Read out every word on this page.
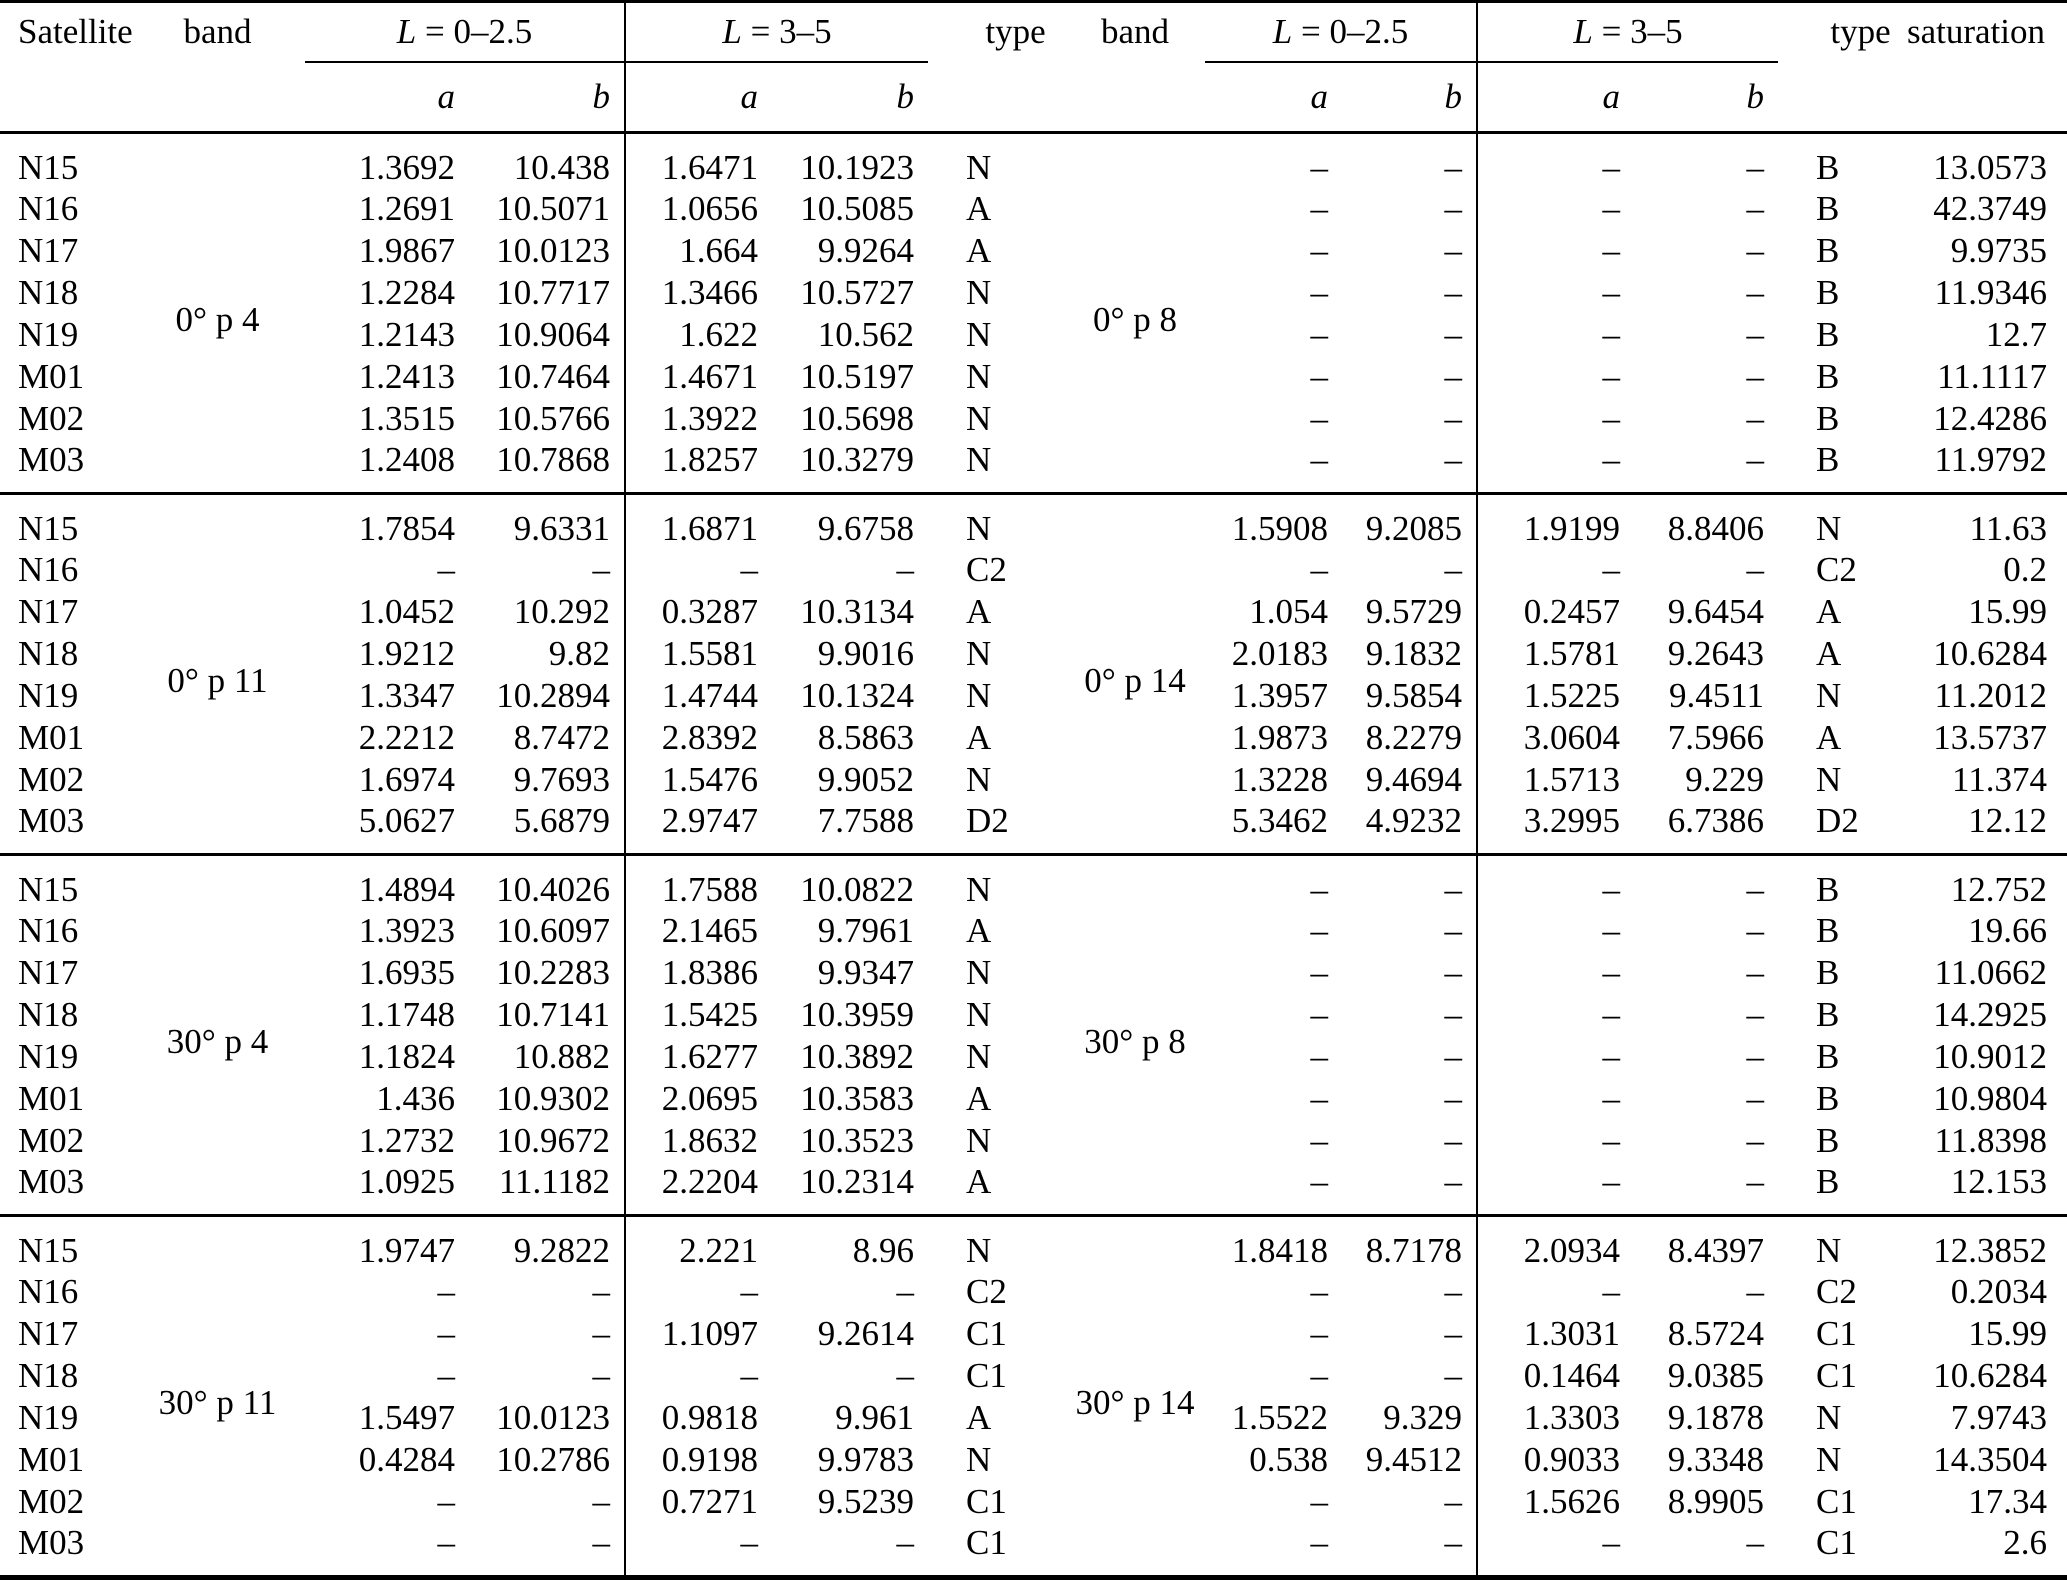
Satellite	band	L = 0–2.5		L = 3–5		type	band	L = 0–2.5		L = 3–5		type	saturation
		a	b	a	b			a	b	a	b		
N15	0° p 4	1.3692	10.438	1.6471	10.1923	N	0° p 8	–	–	–	–	B	13.0573
N16		1.2691	10.5071	1.0656	10.5085	A		–	–	–	–	B	42.3749
N17		1.9867	10.0123	1.664	9.9264	A		–	–	–	–	B	9.9735
N18		1.2284	10.7717	1.3466	10.5727	N		–	–	–	–	B	11.9346
N19		1.2143	10.9064	1.622	10.562	N		–	–	–	–	B	12.7
M01		1.2413	10.7464	1.4671	10.5197	N		–	–	–	–	B	11.1117
M02		1.3515	10.5766	1.3922	10.5698	N		–	–	–	–	B	12.4286
M03		1.2408	10.7868	1.8257	10.3279	N		–	–	–	–	B	11.9792
N15	0° p 11	1.7854	9.6331	1.6871	9.6758	N	0° p 14	1.5908	9.2085	1.9199	8.8406	N	11.63
N16		–	–	–	–	C2		–	–	–	–	C2	0.2
N17		1.0452	10.292	0.3287	10.3134	A		1.054	9.5729	0.2457	9.6454	A	15.99
N18		1.9212	9.82	1.5581	9.9016	N		2.0183	9.1832	1.5781	9.2643	A	10.6284
N19		1.3347	10.2894	1.4744	10.1324	N		1.3957	9.5854	1.5225	9.4511	N	11.2012
M01		2.2212	8.7472	2.8392	8.5863	A		1.9873	8.2279	3.0604	7.5966	A	13.5737
M02		1.6974	9.7693	1.5476	9.9052	N		1.3228	9.4694	1.5713	9.229	N	11.374
M03		5.0627	5.6879	2.9747	7.7588	D2		5.3462	4.9232	3.2995	6.7386	D2	12.12
N15	30° p 4	1.4894	10.4026	1.7588	10.0822	N	30° p 8	–	–	–	–	B	12.752
N16		1.3923	10.6097	2.1465	9.7961	A		–	–	–	–	B	19.66
N17		1.6935	10.2283	1.8386	9.9347	N		–	–	–	–	B	11.0662
N18		1.1748	10.7141	1.5425	10.3959	N		–	–	–	–	B	14.2925
N19		1.1824	10.882	1.6277	10.3892	N		–	–	–	–	B	10.9012
M01		1.436	10.9302	2.0695	10.3583	A		–	–	–	–	B	10.9804
M02		1.2732	10.9672	1.8632	10.3523	N		–	–	–	–	B	11.8398
M03		1.0925	11.1182	2.2204	10.2314	A		–	–	–	–	B	12.153
N15	30° p 11	1.9747	9.2822	2.221	8.96	N	30° p 14	1.8418	8.7178	2.0934	8.4397	N	12.3852
N16		–	–	–	–	C2		–	–	–	–	C2	0.2034
N17		–	–	1.1097	9.2614	C1		–	–	1.3031	8.5724	C1	15.99
N18		–	–	–	–	C1		–	–	0.1464	9.0385	C1	10.6284
N19		1.5497	10.0123	0.9818	9.961	A		1.5522	9.329	1.3303	9.1878	N	7.9743
M01		0.4284	10.2786	0.9198	9.9783	N		0.538	9.4512	0.9033	9.3348	N	14.3504
M02		–	–	0.7271	9.5239	C1		–	–	1.5626	8.9905	C1	17.34
M03		–	–	–	–	C1		–	–	–	–	C1	2.6
